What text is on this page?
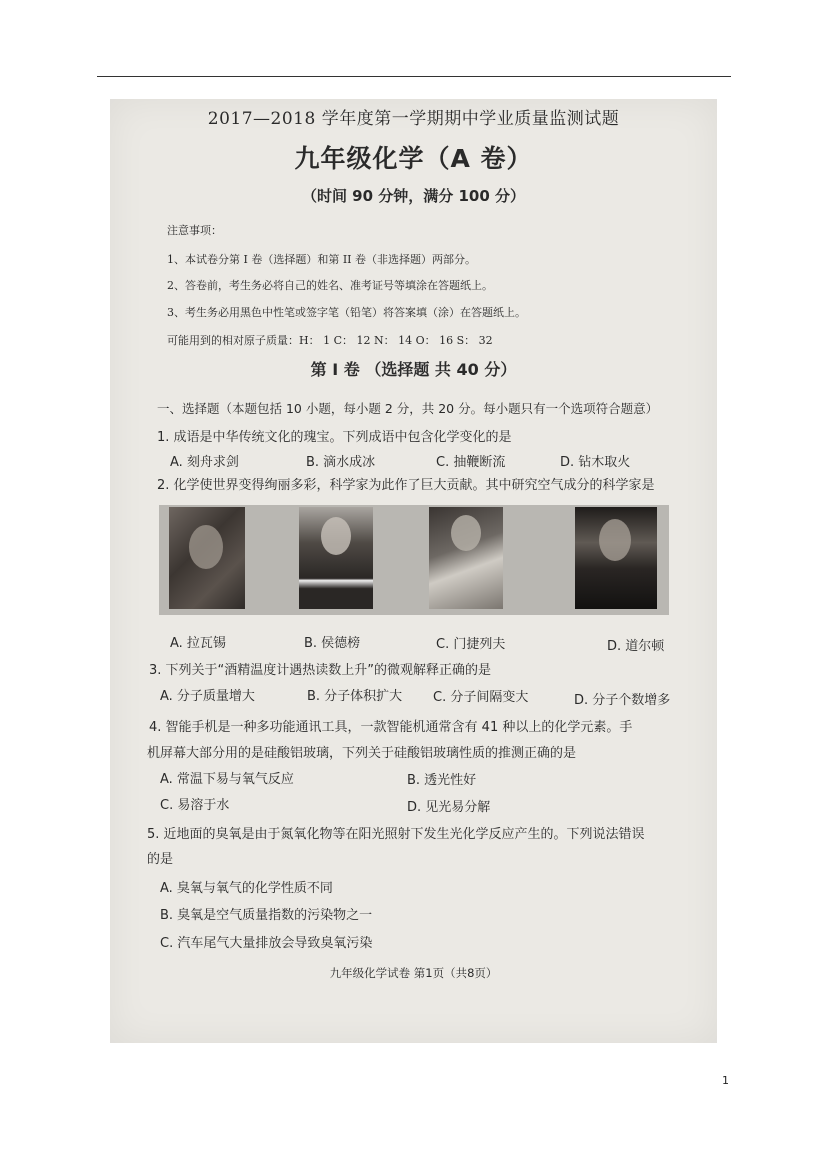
2017—2018 学年度第一学期期中学业质量监测试题
九年级化学（A 卷）
（时间 90 分钟，满分 100 分）
注意事项：
1、本试卷分第 I 卷（选择题）和第 II 卷（非选择题）两部分。
2、答卷前，考生务必将自己的姓名、准考证号等填涂在答题纸上。
3、考生务必用黑色中性笔或签字笔（铅笔）将答案填（涂）在答题纸上。
可能用到的相对原子质量：H： 1 C： 12 N： 14 O： 16 S： 32
第 I 卷 （选择题 共 40 分）
一、选择题（本题包括 10 小题，每小题 2 分，共 20 分。每小题只有一个选项符合题意）
1. 成语是中华传统文化的瑰宝。下列成语中包含化学变化的是
A. 刻舟求剑	B. 滴水成冰	C. 抽鞭断流	D. 钻木取火
2. 化学使世界变得绚丽多彩，科学家为此作了巨大贡献。其中研究空气成分的科学家是
A. 拉瓦锡	B. 侯德榜	C. 门捷列夫	D. 道尔顿
3. 下列关于“酒精温度计遇热读数上升”的微观解释正确的是
A. 分子质量增大	B. 分子体积扩大 C. 分子间隔变大	D. 分子个数增多
4. 智能手机是一种多功能通讯工具，一款智能机通常含有 41 种以上的化学元素。手
机屏幕大部分用的是硅酸铝玻璃，下列关于硅酸铝玻璃性质的推测正确的是
A. 常温下易与氧气反应	B. 透光性好
C. 易溶于水	D. 见光易分解
5. 近地面的臭氧是由于氮氧化物等在阳光照射下发生光化学反应产生的。下列说法错误
的是
A. 臭氧与氧气的化学性质不同
B. 臭氧是空气质量指数的污染物之一
C. 汽车尾气大量排放会导致臭氧污染
九年级化学试卷 第1页（共8页）
1
